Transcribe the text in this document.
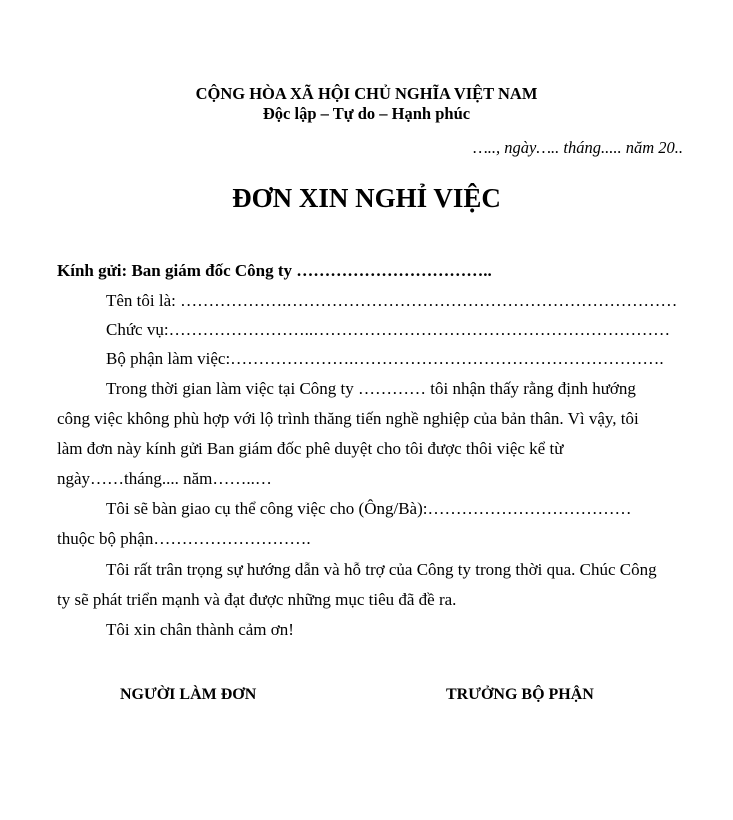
CỘNG HÒA XÃ HỘI CHỦ NGHĨA VIỆT NAM
Độc lập – Tự do – Hạnh phúc
….., ngày….. tháng..... năm 20..
ĐƠN XIN NGHỈ VIỆC
Kính gửi: Ban giám đốc Công ty ……………………………..
Tên tôi là: ……………….……………………………………………………………
Chức vụ:……………………..………………………………………………………
Bộ phận làm việc:………………….……………………………………………….
Trong thời gian làm việc tại Công ty ………… tôi nhận thấy rằng định hướng
công việc không phù hợp với lộ trình thăng tiến nghề nghiệp của bản thân. Vì vậy, tôi
làm đơn này kính gửi Ban giám đốc phê duyệt cho tôi được thôi việc kể từ
ngày……tháng.... năm……..…
Tôi sẽ bàn giao cụ thể công việc cho (Ông/Bà):………………………………
thuộc bộ phận……………………….
Tôi rất trân trọng sự hướng dẫn và hỗ trợ của Công ty trong thời qua. Chúc Công
ty sẽ phát triển mạnh và đạt được những mục tiêu đã đề ra.
Tôi xin chân thành cảm ơn!
NGƯỜI LÀM ĐƠN	TRƯỞNG BỘ PHẬN
